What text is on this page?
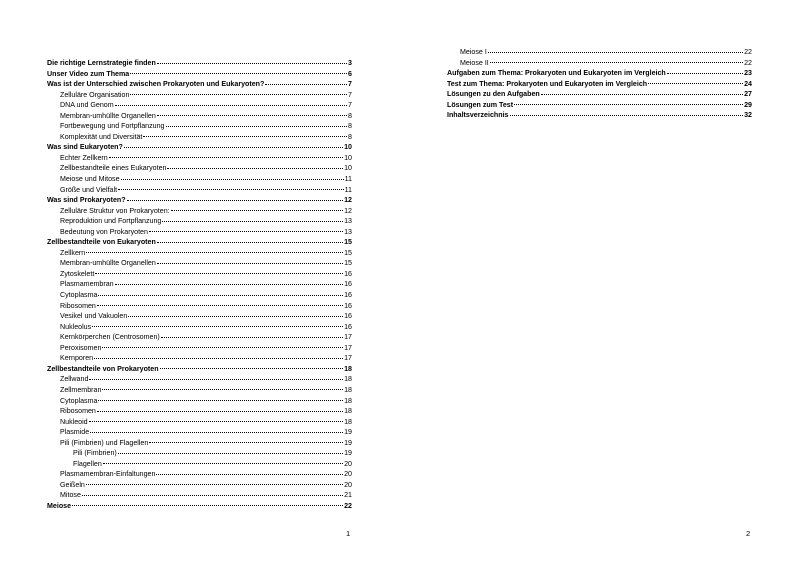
Die richtige Lernstrategie finden	3
Unser Video zum Thema	6
Was ist der Unterschied zwischen Prokaryoten und Eukaryoten?	7
Zelluläre Organisation	7
DNA und Genom	7
Membran-umhüllte Organellen	8
Fortbewegung und Fortpflanzung	8
Komplexität und Diversität	8
Was sind Eukaryoten?	10
Echter Zellkern	10
Zellbestandteile eines Eukaryoten	10
Meiose und Mitose	11
Größe und Vielfalt	11
Was sind Prokaryoten?	12
Zelluläre Struktur von Prokaryoten:	12
Reproduktion und Fortpflanzung	13
Bedeutung von Prokaryoten	13
Zellbestandteile von Eukaryoten	15
Zellkern	15
Membran-umhüllte Organellen	15
Zytoskelett	16
Plasmamembran	16
Cytoplasma	16
Ribosomen	16
Vesikel und Vakuolen	16
Nukleolus	16
Kernkörperchen (Centrosomen)	17
Peroxisomen	17
Kernporen	17
Zellbestandteile von Prokaryoten	18
Zellwand	18
Zellmembran	18
Cytoplasma	18
Ribosomen	18
Nukleoid	18
Plasmide	19
Pili (Fimbrien) und Flagellen	19
Pili (Fimbrien)	19
Flagellen	20
Plasmamembran-Einfaltungen	20
Geißeln	20
Mitose	21
Meiose	22
1
Meiose I	22
Meiose II	22
Aufgaben zum Thema: Prokaryoten und Eukaryoten im Vergleich	23
Test zum Thema: Prokaryoten und Eukaryoten im Vergleich	24
Lösungen zu den Aufgaben	27
Lösungen zum Test	29
Inhaltsverzeichnis	32
2
